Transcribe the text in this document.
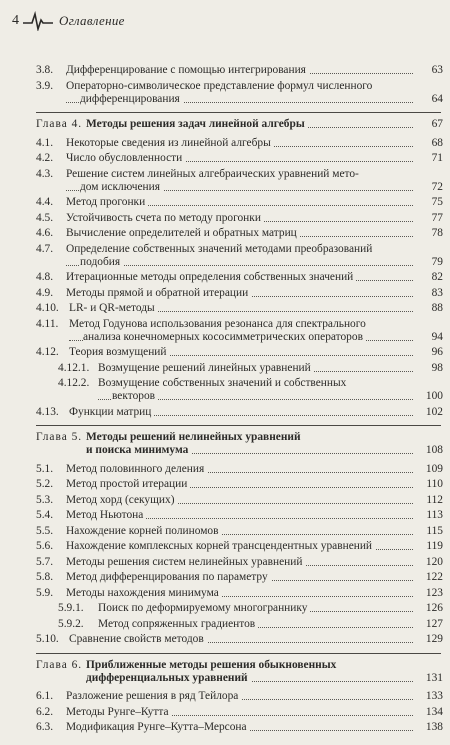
4	Оглавление
3.8. Дифференцирование с помощью интегрирования	63
3.9. Операторно-символическое представление формул численного
дифференцирования	64
Глава 4. Методы решения задач линейной алгебры	67
4.1. Некоторые сведения из линейной алгебры	68
4.2. Число обусловленности	71
4.3. Решение систем линейных алгебраических уравнений мето-
дом исключения	72
4.4. Метод прогонки	75
4.5. Устойчивость счета по методу прогонки	77
4.6. Вычисление определителей и обратных матриц	78
4.7. Определение собственных значений методами преобразований
подобия	79
4.8. Итерационные методы определения собственных значений	82
4.9. Методы прямой и обратной итерации	83
4.10. LR- и QR-методы	88
4.11. Метод Годунова использования резонанса для спектрального
анализа конечномерных кососимметрических операторов	94
4.12. Теория возмущений	96
4.12.1. Возмущение решений линейных уравнений	98
4.12.2. Возмущение собственных значений и собственных
векторов	100
4.13. Функции матриц	102
Глава 5. Методы решений нелинейных уравнений
и поиска минимума	108
5.1. Метод половинного деления	109
5.2. Метод простой итерации	110
5.3. Метод хорд (секущих)	112
5.4. Метод Ньютона	113
5.5. Нахождение корней полиномов	115
5.6. Нахождение комплексных корней трансцендентных уравнений	119
5.7. Методы решения систем нелинейных уравнений	120
5.8. Метод дифференцирования по параметру	122
5.9. Методы нахождения минимума	123
5.9.1. Поиск по деформируемому многограннику	126
5.9.2. Метод сопряженных градиентов	127
5.10. Сравнение свойств методов	129
Глава 6. Приближенные методы решения обыкновенных
дифференциальных уравнений	131
6.1. Разложение решения в ряд Тейлора	133
6.2. Методы Рунге–Кутта	134
6.3. Модификация Рунге–Кутта–Мерсона	138
